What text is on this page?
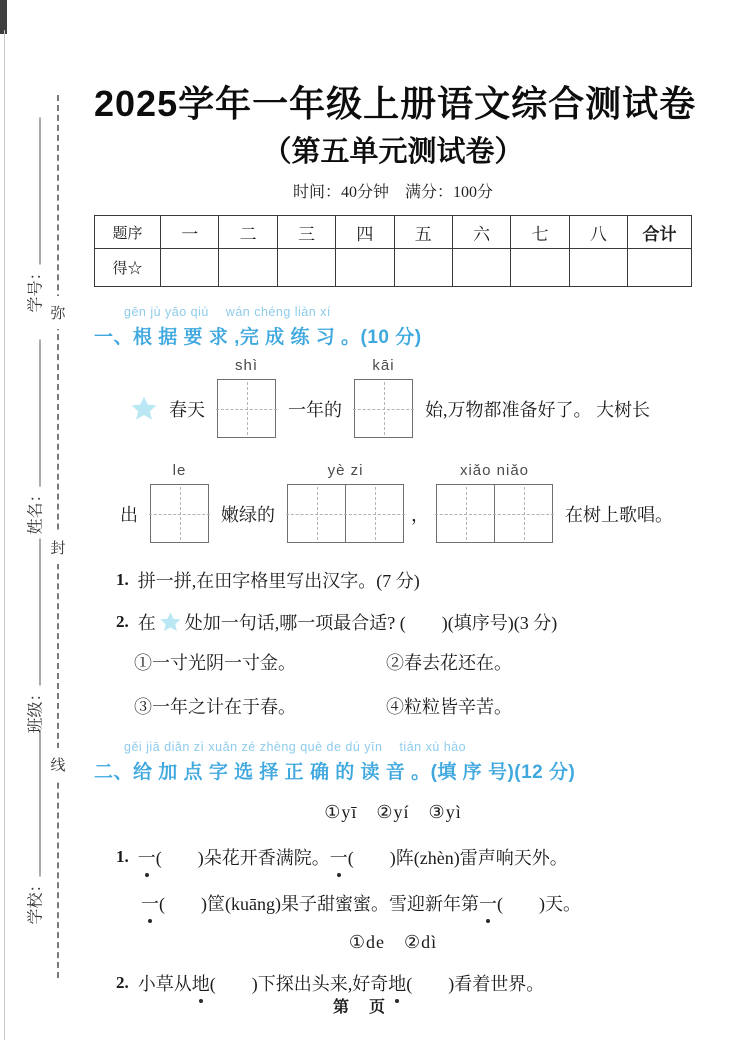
学号：
姓名：
班级：
学校：
弥
封
线
2025学年一年级上册语文综合测试卷
（第五单元测试卷）
时间：40分钟　满分：100分
题序	一	二	三	四	五	六	七	八	合计
得☆									
gēn jù yāo qiú　 wán chéng liàn xí
一、根 据 要 求 ,完 成 练 习 。(10 分)
春天
shì
一年的
kāi
始,万物都准备好了。 大树长
出
le
嫩绿的
yè zi
，
xiǎo niǎo
在树上歌唱。
1. 拼一拼,在田字格里写出汉字。(7 分)
2. 在 处加一句话,哪一项最合适? (　　)(填序号)(3 分)
①一寸光阴一寸金。	②春去花还在。
③一年之计在于春。	④粒粒皆辛苦。
gěi jiā diǎn zì xuǎn zé zhèng què de dú yīn　 tián xù hào
二、给 加 点 字 选 择 正 确 的 读 音 。(填 序 号)(12 分)
①yī　②yí　③yì
1. 一(　　)朵花开香满院。一(　　)阵(zhèn)雷声响天外。
一(　　)筐(kuāng)果子甜蜜蜜。雪迎新年第一(　　)天。
①de　②dì
2. 小草从地(　　)下探出头来,好奇地(　　)看着世界。
第　页
